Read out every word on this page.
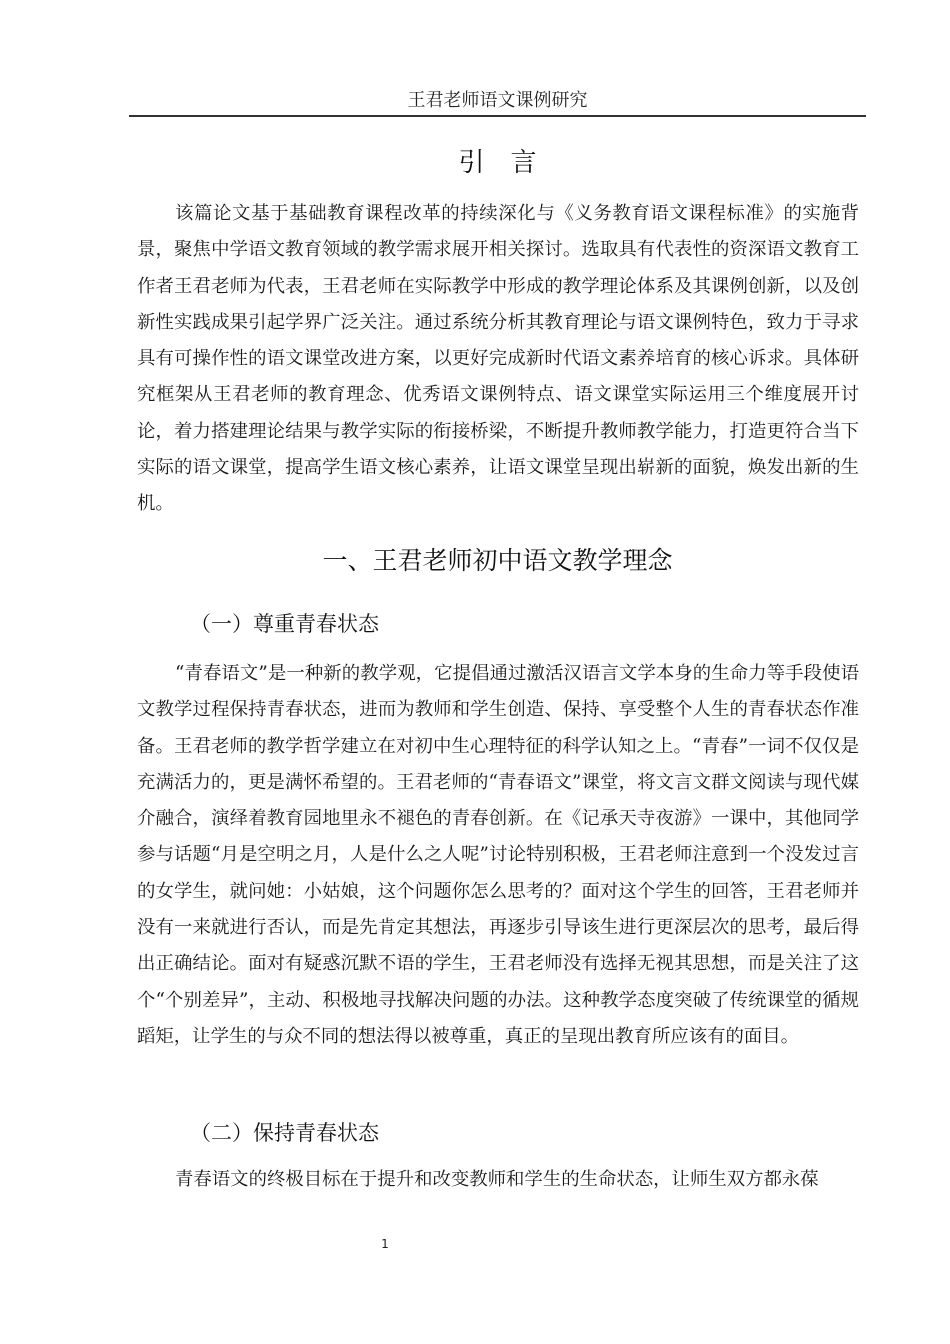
王君老师语文课例研究
引言

该篇论文基于基础教育课程改革的持续深化与《义务教育语文课程标准》的实施背景，聚焦中学语文教育领域的教学需求展开相关探讨。选取具有代表性的资深语文教育工作者王君老师为代表，王君老师在实际教学中形成的教学理论体系及其课例创新，以及创新性实践成果引起学界广泛关注。通过系统分析其教育理论与语文课例特色，致力于寻求具有可操作性的语文课堂改进方案，以更好完成新时代语文素养培育的核心诉求。具体研究框架从王君老师的教育理念、优秀语文课例特点、语文课堂实际运用三个维度展开讨论，着力搭建理论结果与教学实际的衔接桥梁，不断提升教师教学能力，打造更符合当下实际的语文课堂，提高学生语文核心素养，让语文课堂呈现出崭新的面貌，焕发出新的生机。

一、王君老师初中语文教学理念
（一）尊重青春状态

“青春语文”是一种新的教学观，它提倡通过激活汉语言文学本身的生命力等手段使语文教学过程保持青春状态，进而为教师和学生创造、保持、享受整个人生的青春状态作准备。王君老师的教学哲学建立在对初中生心理特征的科学认知之上。“青春”一词不仅仅是充满活力的，更是满怀希望的。王君老师的“青春语文”课堂，将文言文群文阅读与现代媒介融合，演绎着教育园地里永不褪色的青春创新。在《记承天寺夜游》一课中，其他同学参与话题“月是空明之月，人是什么之人呢”讨论特别积极，王君老师注意到一个没发过言的女学生，就问她：小姑娘，这个问题你怎么思考的？面对这个学生的回答，王君老师并没有一来就进行否认，而是先肯定其想法，再逐步引导该生进行更深层次的思考，最后得出正确结论。面对有疑惑沉默不语的学生，王君老师没有选择无视其思想，而是关注了这个“个别差异”，主动、积极地寻找解决问题的办法。这种教学态度突破了传统课堂的循规蹈矩，让学生的与众不同的想法得以被尊重，真正的呈现出教育所应该有的面目。

（二）保持青春状态

青春语文的终极目标在于提升和改变教师和学生的生命状态，让师生双方都永葆

1
